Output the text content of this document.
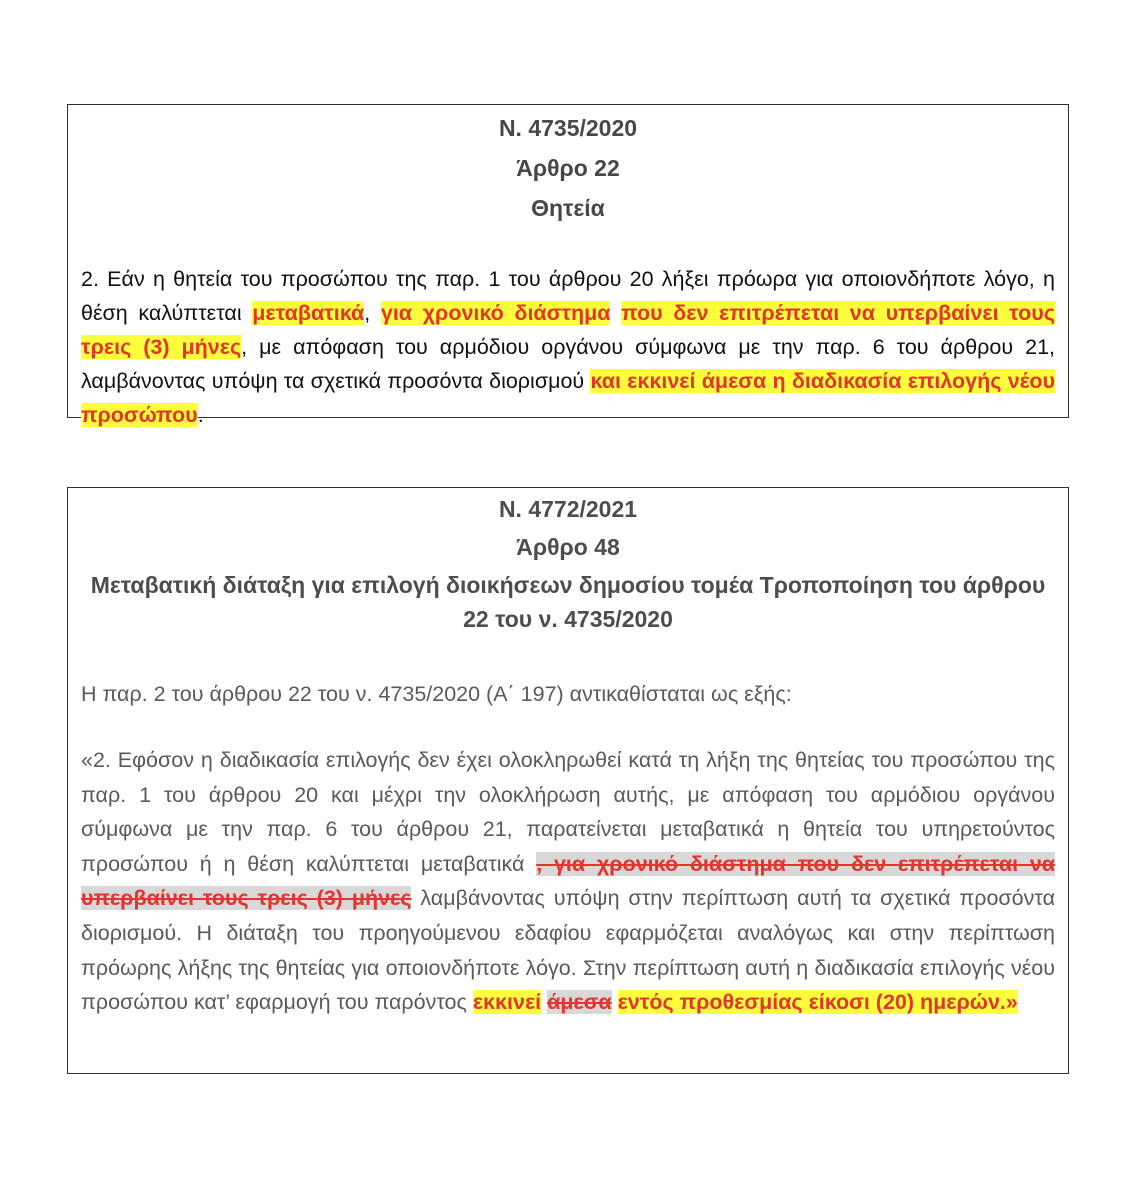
Ν. 4735/2020
Άρθρο 22
Θητεία

2. Εάν η θητεία του προσώπου της παρ. 1 του άρθρου 20 λήξει πρόωρα για οποιονδήποτε λόγο, η θέση καλύπτεται μεταβατικά, για χρονικό διάστημα που δεν επιτρέπεται να υπερβαίνει τους τρεις (3) μήνες, με απόφαση του αρμόδιου οργάνου σύμφωνα με την παρ. 6 του άρθρου 21, λαμβάνοντας υπόψη τα σχετικά προσόντα διορισμού και εκκινεί άμεσα η διαδικασία επιλογής νέου προσώπου.

Ν. 4772/2021
Άρθρο 48
Μεταβατική διάταξη για επιλογή διοικήσεων δημοσίου τομέα Τροποποίηση του άρθρου 22 του ν. 4735/2020

Η παρ. 2 του άρθρου 22 του ν. 4735/2020 (Α΄ 197) αντικαθίσταται ως εξής:

«2. Εφόσον η διαδικασία επιλογής δεν έχει ολοκληρωθεί κατά τη λήξη της θητείας του προσώπου της παρ. 1 του άρθρου 20 και μέχρι την ολοκλήρωση αυτής, με απόφαση του αρμόδιου οργάνου σύμφωνα με την παρ. 6 του άρθρου 21, παρατείνεται μεταβατικά η θητεία του υπηρετούντος προσώπου ή η θέση καλύπτεται μεταβατικά , για χρονικό διάστημα που δεν επιτρέπεται να υπερβαίνει τους τρεις (3) μήνες λαμβάνοντας υπόψη στην περίπτωση αυτή τα σχετικά προσόντα διορισμού. Η διάταξη του προηγούμενου εδαφίου εφαρμόζεται αναλόγως και στην περίπτωση πρόωρης λήξης της θητείας για οποιονδήποτε λόγο. Στην περίπτωση αυτή η διαδικασία επιλογής νέου προσώπου κατ’ εφαρμογή του παρόντος εκκινεί άμεσα εντός προθεσμίας είκοσι (20) ημερών.»
